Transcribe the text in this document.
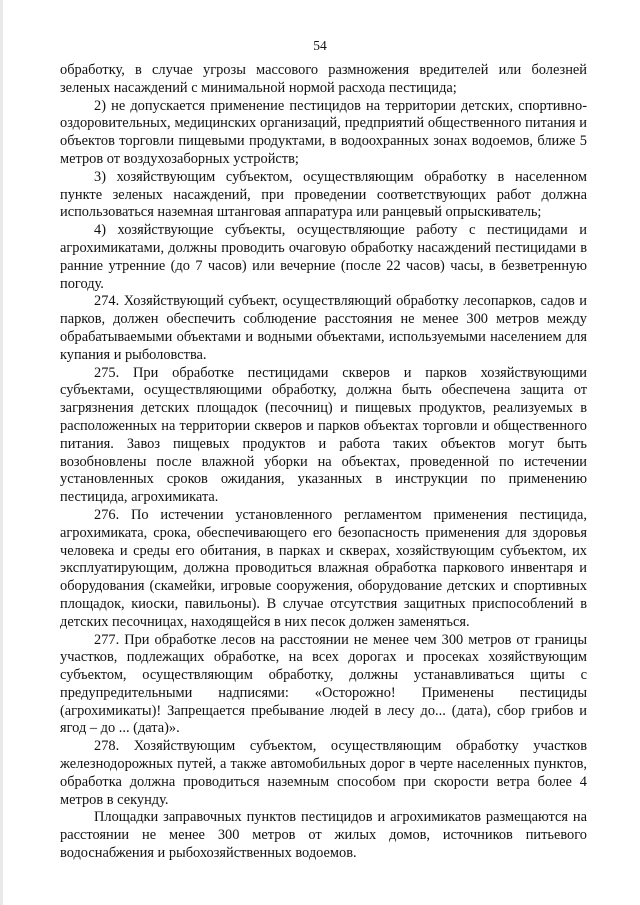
54

обработку, в случае угрозы массового размножения вредителей или болезней зеленых насаждений с минимальной нормой расхода пестицида;

2) не допускается применение пестицидов на территории детских, спортивно-оздоровительных, медицинских организаций, предприятий общественного питания и объектов торговли пищевыми продуктами, в водоохранных зонах водоемов, ближе 5 метров от воздухозаборных устройств;

3) хозяйствующим субъектом, осуществляющим обработку в населенном пункте зеленых насаждений, при проведении соответствующих работ должна использоваться наземная штанговая аппаратура или ранцевый опрыскиватель;

4) хозяйствующие субъекты, осуществляющие работу с пестицидами и агрохимикатами, должны проводить очаговую обработку насаждений пестицидами в ранние утренние (до 7 часов) или вечерние (после 22 часов) часы, в безветренную погоду.

274. Хозяйствующий субъект, осуществляющий обработку лесопарков, садов и парков, должен обеспечить соблюдение расстояния не менее 300 метров между обрабатываемыми объектами и водными объектами, используемыми населением для купания и рыболовства.

275. При обработке пестицидами скверов и парков хозяйствующими субъектами, осуществляющими обработку, должна быть обеспечена защита от загрязнения детских площадок (песочниц) и пищевых продуктов, реализуемых в расположенных на территории скверов и парков объектах торговли и общественного питания. Завоз пищевых продуктов и работа таких объектов могут быть возобновлены после влажной уборки на объектах, проведенной по истечении установленных сроков ожидания, указанных в инструкции по применению пестицида, агрохимиката.

276. По истечении установленного регламентом применения пестицида, агрохимиката, срока, обеспечивающего его безопасность применения для здоровья человека и среды его обитания, в парках и скверах, хозяйствующим субъектом, их эксплуатирующим, должна проводиться влажная обработка паркового инвентаря и оборудования (скамейки, игровые сооружения, оборудование детских и спортивных площадок, киоски, павильоны). В случае отсутствия защитных приспособлений в детских песочницах, находящейся в них песок должен заменяться.

277. При обработке лесов на расстоянии не менее чем 300 метров от границы участков, подлежащих обработке, на всех дорогах и просеках хозяйствующим субъектом, осуществляющим обработку, должны устанавливаться щиты с предупредительными надписями: «Осторожно! Применены пестициды (агрохимикаты)! Запрещается пребывание людей в лесу до... (дата), сбор грибов и ягод – до ... (дата)».

278. Хозяйствующим субъектом, осуществляющим обработку участков железнодорожных путей, а также автомобильных дорог в черте населенных пунктов, обработка должна проводиться наземным способом при скорости ветра более 4 метров в секунду.

Площадки заправочных пунктов пестицидов и агрохимикатов размещаются на расстоянии не менее 300 метров от жилых домов, источников питьевого водоснабжения и рыбохозяйственных водоемов.
